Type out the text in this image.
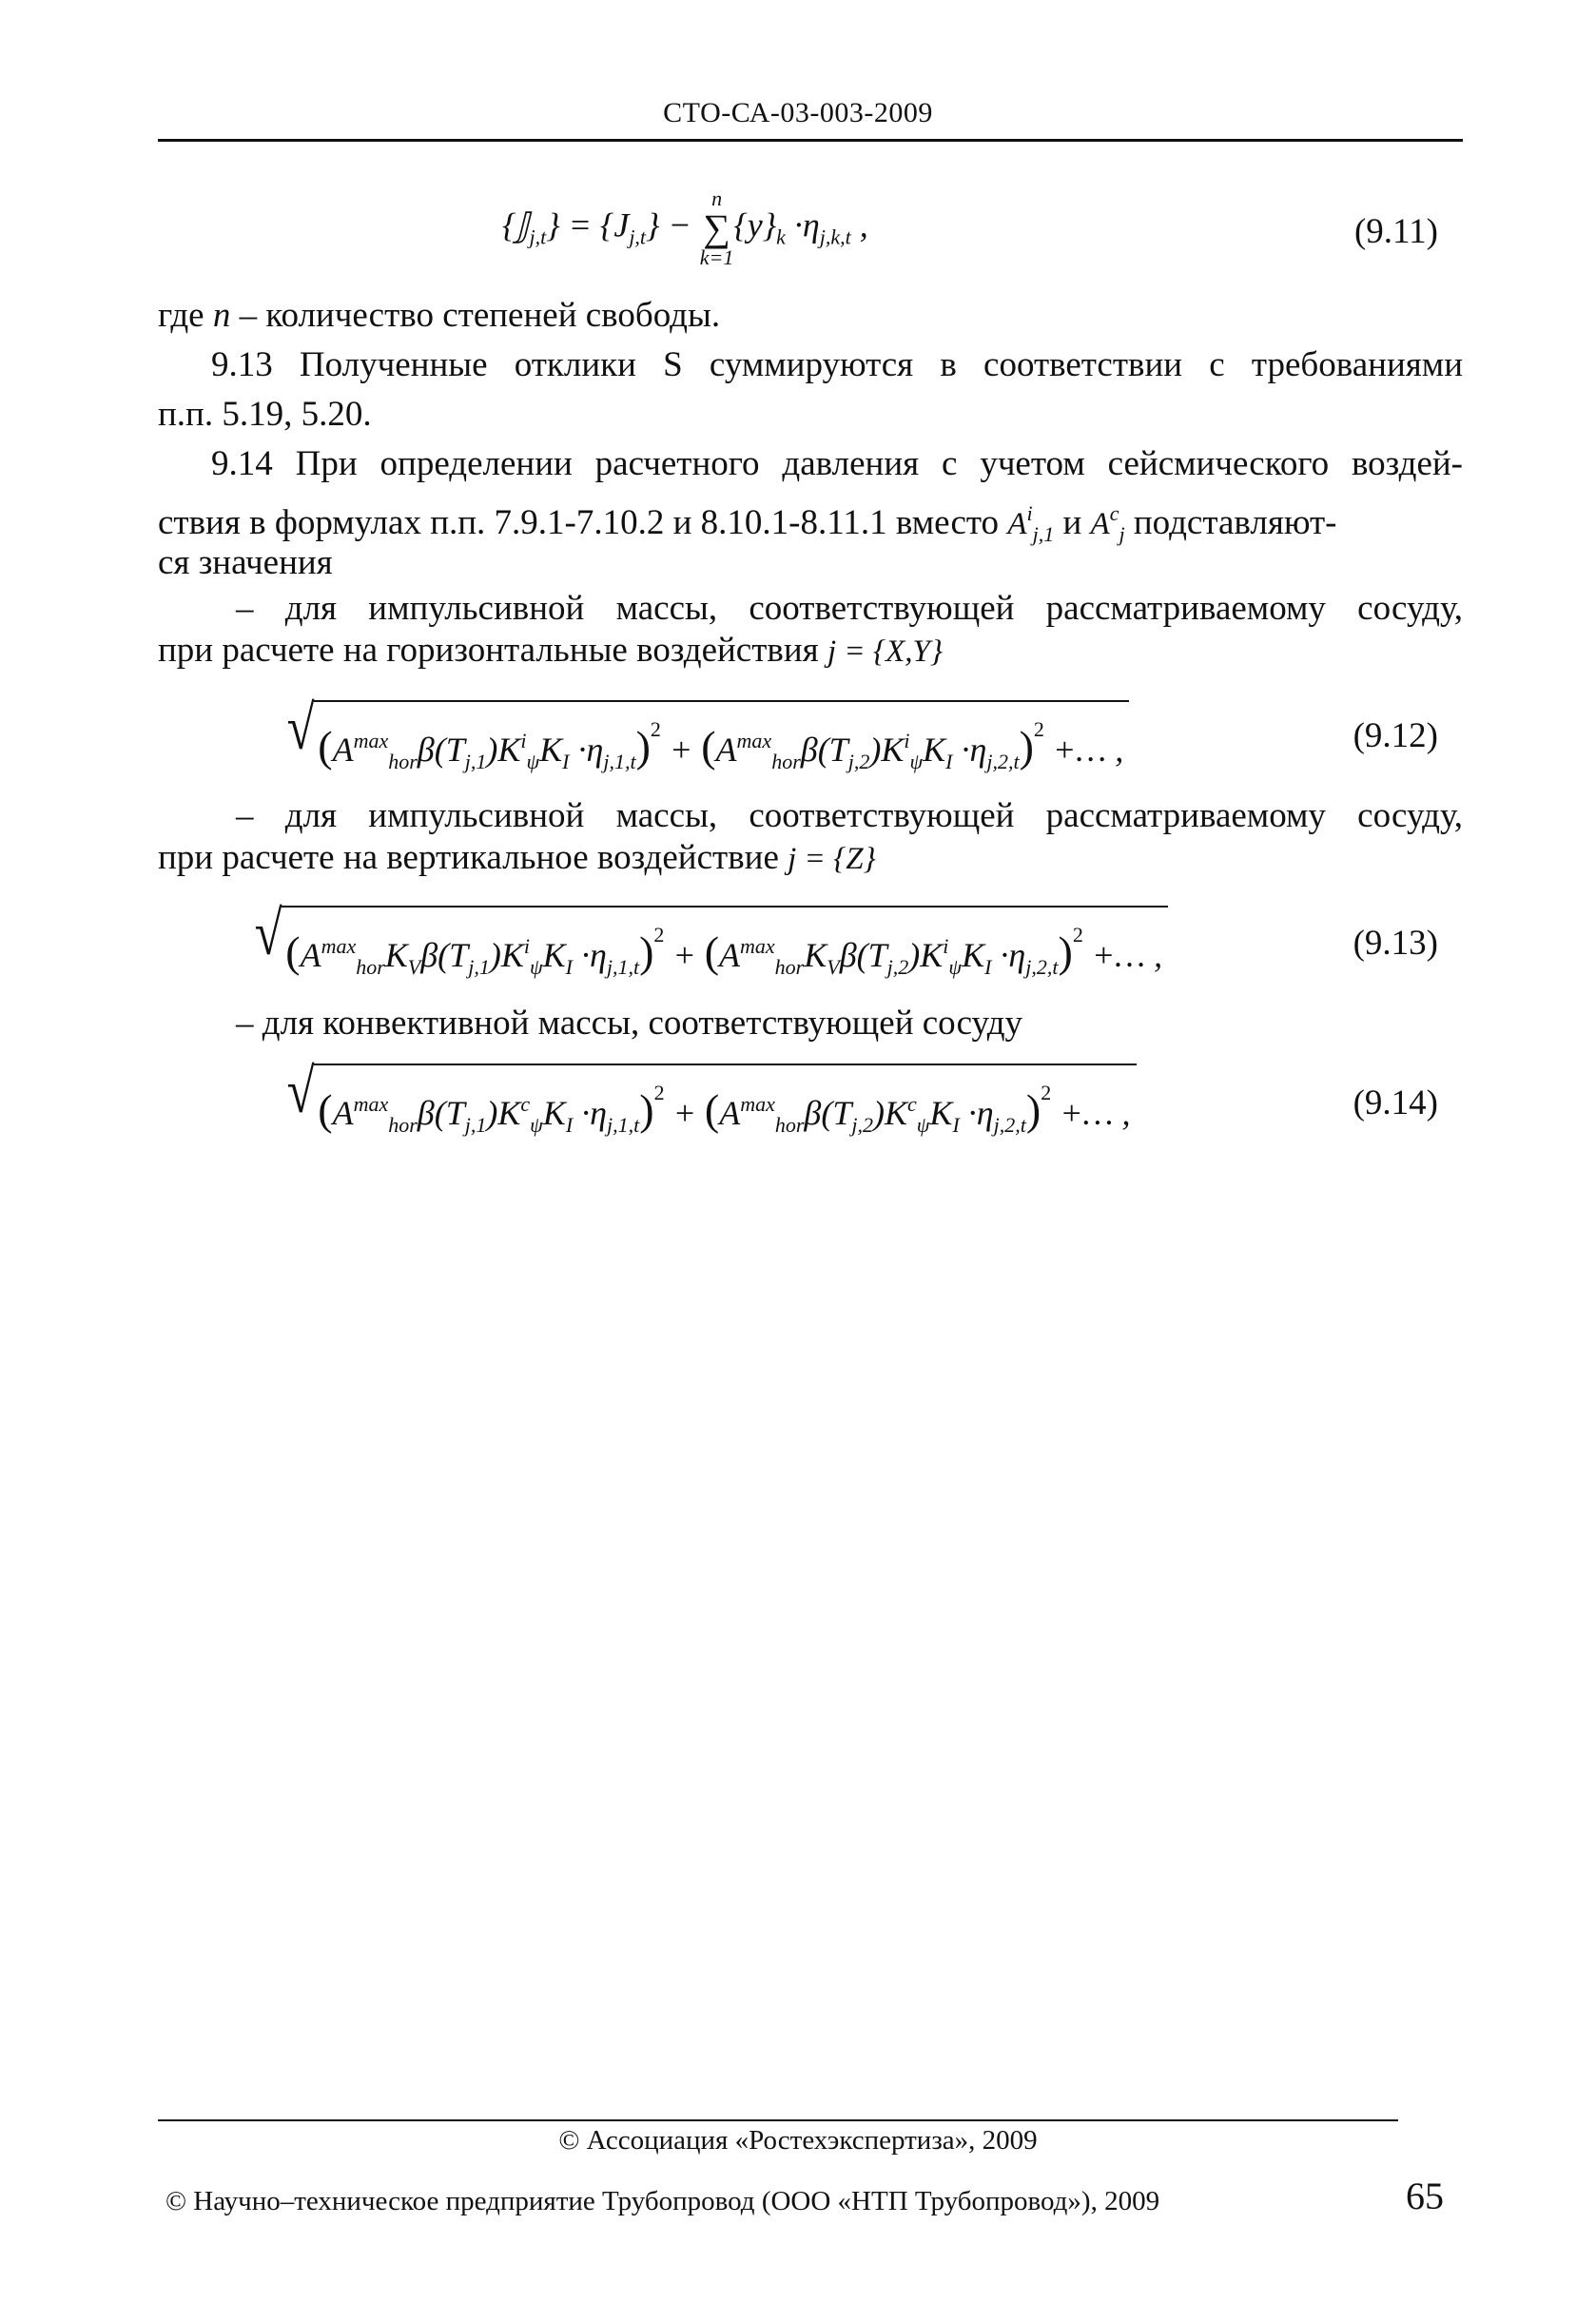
СТО-СА-03-003-2009
{𝕁$_{j,t}$} = $\{J_{j,t}\}$ −
n
∑
k=1
$\{y\}_k \cdot\eta_{j,k,t}$ ,	(9.11)
где n – количество степеней свободы.
9.13 Полученные отклики S суммируются в соответствии с требованиями
п.п. 5.19, 5.20.
9.14 При определении расчетного давления с учетом сейсмического воздей-
ствия в формулах п.п. 7.9.1-7.10.2 и 8.10.1-8.11.1 вместо $A^i_{j,1}$ и $A^c_j$ подставляют-
ся значения
– для импульсивной массы, соответствующей рассматриваемому сосуду,
при расчете на горизонтальные воздействия j = {X,Y}
√ $(A^{max}_{hor}\beta(T_{j,1})K^i_\psi K_I \cdot\eta_{j,1,t})^2 + (A^{max}_{hor}\beta(T_{j,2})K^i_\psi K_I \cdot\eta_{j,2,t})^2$ +… ,	(9.12)
– для импульсивной массы, соответствующей рассматриваемому сосуду,
при расчете на вертикальное воздействие j = {Z}
√ $(A^{max}_{hor}K_V\beta(T_{j,1})K^i_\psi K_I \cdot\eta_{j,1,t})^2 + (A^{max}_{hor}K_V\beta(T_{j,2})K^i_\psi K_I \cdot\eta_{j,2,t})^2$ +… ,	(9.13)
– для конвективной массы, соответствующей сосуду
√ $(A^{max}_{hor}\beta(T_{j,1})K^c_\psi K_I \cdot\eta_{j,1,t})^2 + (A^{max}_{hor}\beta(T_{j,2})K^c_\psi K_I \cdot\eta_{j,2,t})^2$ +… ,	(9.14)
© Ассоциация «Ростехэкспертиза», 2009
© Научно–техническое предприятие Трубопровод (ООО «НТП Трубопровод»), 2009	65
